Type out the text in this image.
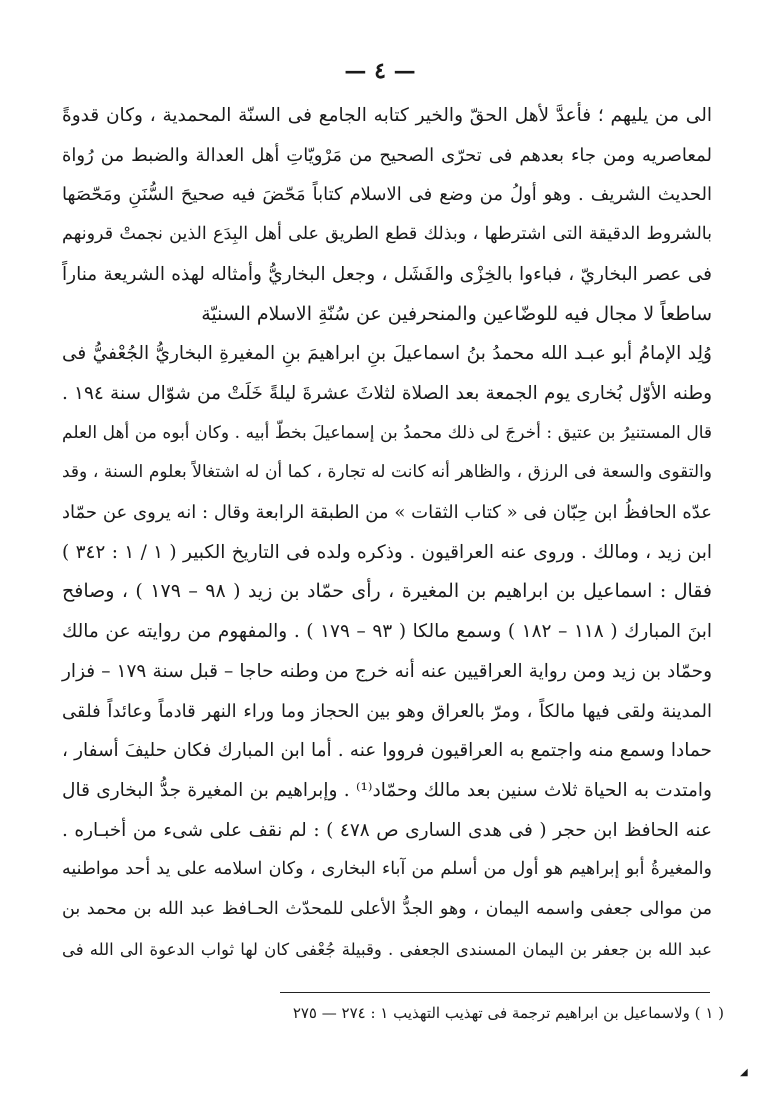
— ٤ —
الى من يليهم ؛ فأعدَّ لأهل الحقّ والخير كتابه الجامع فى السنّة المحمدية ، وكان قدوةً
لمعاصريه ومن جاء بعدهم فى تحرّى الصحيح من مَرْويّاتِ أهل العدالة والضبط من رُواة
الحديث الشريف . وهو أولُ من وضع فى الاسلام كتاباً مَحّضَ فيه صحيحَ السُّنَنِ ومَحّصَها
بالشروط الدقيقة التى اشترطها ، وبذلك قطع الطريق على أهل البِدَع الذين نجمتْ قرونهم
فى عصر البخاريّ ، فباءوا بالخِزْى والفَشَل ، وجعل البخاريُّ وأمثاله لهذه الشريعة مناراً
ساطعاً لا مجال فيه للوضّاعين والمنحرفين عن سُنّةِ الاسلام السنيّة
وُلِد الإمامُ أبو عبـد الله محمدُ بنُ اسماعيلَ بنِ ابراهيمَ بنِ المغيرةِ البخاريُّ الجُعْفيُّ فى
وطنه الأوّل بُخارى يوم الجمعة بعد الصلاة لثلاثَ عشرةَ ليلةً خَلَتْ من شوّال سنة ١٩٤ .
قال المستنيرُ بن عتيق : أخرجَ لى ذلك محمدُ بن إسماعيلَ بخطّ أبيه . وكان أبوه من أهل العلم
والتقوى والسعة فى الرزق ، والظاهر أنه كانت له تجارة ، كما أن له اشتغالاً بعلوم السنة ، وقد
عدّه الحافظُ ابن حِبّان فى « كتاب الثقات » من الطبقة الرابعة وقال : انه يروى عن حمّاد
ابن زيد ، ومالك . وروى عنه العراقيون . وذكره ولده فى التاريخ الكبير ( ١ / ١ : ٣٤٢ )
فقال : اسماعيل بن ابراهيم بن المغيرة ، رأى حمّاد بن زيد ( ٩٨ – ١٧٩ ) ، وصافح
ابنَ المبارك ( ١١٨ – ١٨٢ ) وسمع مالكا ( ٩٣ – ١٧٩ ) . والمفهوم من روايته عن مالك
وحمّاد بن زيد ومن رواية العراقيين عنه أنه خرج من وطنه حاجا – قبل سنة ١٧٩ – فزار
المدينة ولقى فيها مالكاً ، ومرّ بالعراق وهو بين الحجاز وما وراء النهر قادماً وعائداً فلقى
حمادا وسمع منه واجتمع به العراقيون فرووا عنه . أما ابن المبارك فكان حليفَ أسفار ،
وامتدت به الحياة ثلاث سنين بعد مالك وحمّاد⁽¹⁾ . وإبراهيم بن المغيرة جدُّ البخارى قال
عنه الحافظ ابن حجر ( فى هدى السارى ص ٤٧٨ ) : لم نقف على شىء من أخبـاره .
والمغيرةُ أبو إبراهيم هو أول من أسلم من آباء البخارى ، وكان اسلامه على يد أحد مواطنيه
من موالى جعفى واسمه اليمان ، وهو الجدُّ الأعلى للمحدّث الحـافظ عبد الله بن محمد بن
عبد الله بن جعفر بن اليمان المسندى الجعفى . وقبيلة جُعْفى كان لها ثواب الدعوة الى الله فى
( ١ ) ولاسماعيل بن ابراهيم ترجمة فى تهذيب التهذيب ١ : ٢٧٤ — ٢٧٥
◢
